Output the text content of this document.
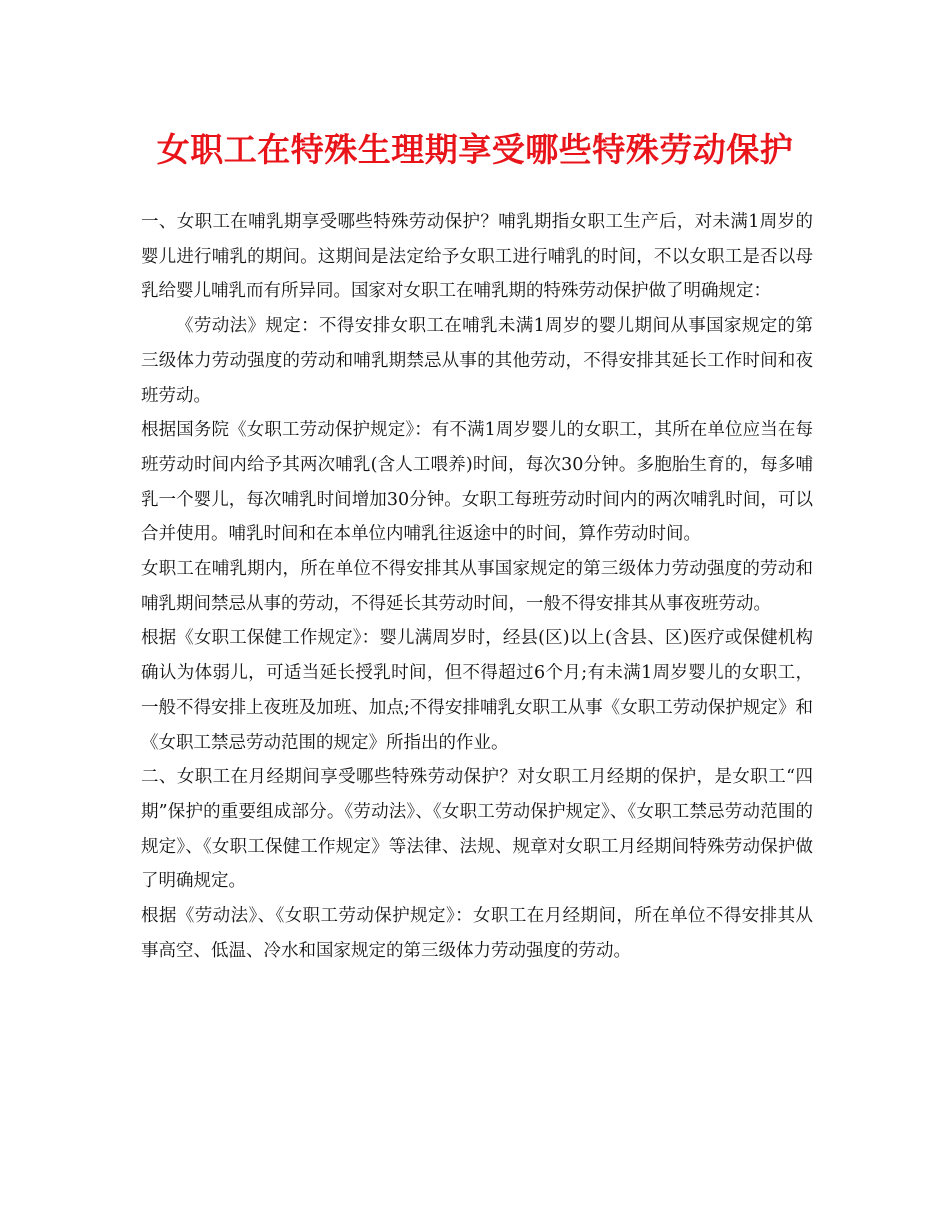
女职工在特殊生理期享受哪些特殊劳动保护

一、女职工在哺乳期享受哪些特殊劳动保护？哺乳期指女职工生产后，对未满1周岁的婴儿进行哺乳的期间。这期间是法定给予女职工进行哺乳的时间，不以女职工是否以母乳给婴儿哺乳而有所异同。国家对女职工在哺乳期的特殊劳动保护做了明确规定：

《劳动法》规定：不得安排女职工在哺乳未满1周岁的婴儿期间从事国家规定的第三级体力劳动强度的劳动和哺乳期禁忌从事的其他劳动，不得安排其延长工作时间和夜班劳动。

根据国务院《女职工劳动保护规定》：有不满1周岁婴儿的女职工，其所在单位应当在每班劳动时间内给予其两次哺乳(含人工喂养)时间，每次30分钟。多胞胎生育的，每多哺乳一个婴儿，每次哺乳时间增加30分钟。女职工每班劳动时间内的两次哺乳时间，可以合并使用。哺乳时间和在本单位内哺乳往返途中的时间，算作劳动时间。

女职工在哺乳期内，所在单位不得安排其从事国家规定的第三级体力劳动强度的劳动和哺乳期间禁忌从事的劳动，不得延长其劳动时间，一般不得安排其从事夜班劳动。

根据《女职工保健工作规定》：婴儿满周岁时，经县(区)以上(含县、区)医疗或保健机构确认为体弱儿，可适当延长授乳时间，但不得超过6个月;有未满1周岁婴儿的女职工，一般不得安排上夜班及加班、加点;不得安排哺乳女职工从事《女职工劳动保护规定》和《女职工禁忌劳动范围的规定》所指出的作业。

二、女职工在月经期间享受哪些特殊劳动保护？对女职工月经期的保护，是女职工“四期”保护的重要组成部分。《劳动法》、《女职工劳动保护规定》、《女职工禁忌劳动范围的规定》、《女职工保健工作规定》等法律、法规、规章对女职工月经期间特殊劳动保护做了明确规定。

根据《劳动法》、《女职工劳动保护规定》：女职工在月经期间，所在单位不得安排其从事高空、低温、冷水和国家规定的第三级体力劳动强度的劳动。
